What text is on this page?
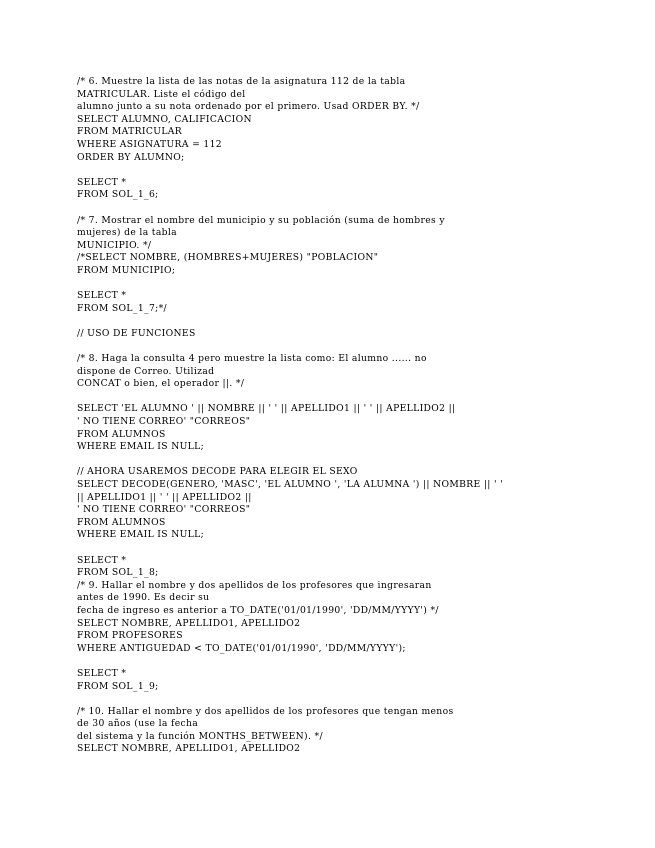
/* 6. Muestre la lista de las notas de la asignatura 112 de la tabla
MATRICULAR. Liste el código del
alumno junto a su nota ordenado por el primero. Usad ORDER BY. */
SELECT ALUMNO, CALIFICACION
FROM MATRICULAR
WHERE ASIGNATURA = 112
ORDER BY ALUMNO;
SELECT *
FROM SOL_1_6;
/* 7. Mostrar el nombre del municipio y su población (suma de hombres y
mujeres) de la tabla
MUNICIPIO. */
/*SELECT NOMBRE, (HOMBRES+MUJERES) "POBLACION"
FROM MUNICIPIO;
SELECT *
FROM SOL_1_7;*/
// USO DE FUNCIONES
/* 8. Haga la consulta 4 pero muestre la lista como: El alumno ...... no
dispone de Correo. Utilizad
CONCAT o bien, el operador ||. */
SELECT 'EL ALUMNO ' || NOMBRE || ' ' || APELLIDO1 || ' ' || APELLIDO2 ||
' NO TIENE CORREO' "CORREOS"
FROM ALUMNOS
WHERE EMAIL IS NULL;
// AHORA USAREMOS DECODE PARA ELEGIR EL SEXO
SELECT DECODE(GENERO, 'MASC', 'EL ALUMNO ', 'LA ALUMNA ') || NOMBRE || ' '
|| APELLIDO1 || ' ' || APELLIDO2 ||
' NO TIENE CORREO' "CORREOS"
FROM ALUMNOS
WHERE EMAIL IS NULL;
SELECT *
FROM SOL_1_8;
/* 9. Hallar el nombre y dos apellidos de los profesores que ingresaran
antes de 1990. Es decir su
fecha de ingreso es anterior a TO_DATE('01/01/1990', 'DD/MM/YYYY') */
SELECT NOMBRE, APELLIDO1, APELLIDO2
FROM PROFESORES
WHERE ANTIGUEDAD < TO_DATE('01/01/1990', 'DD/MM/YYYY');
SELECT *
FROM SOL_1_9;
/* 10. Hallar el nombre y dos apellidos de los profesores que tengan menos
de 30 años (use la fecha
del sistema y la función MONTHS_BETWEEN). */
SELECT NOMBRE, APELLIDO1, APELLIDO2
